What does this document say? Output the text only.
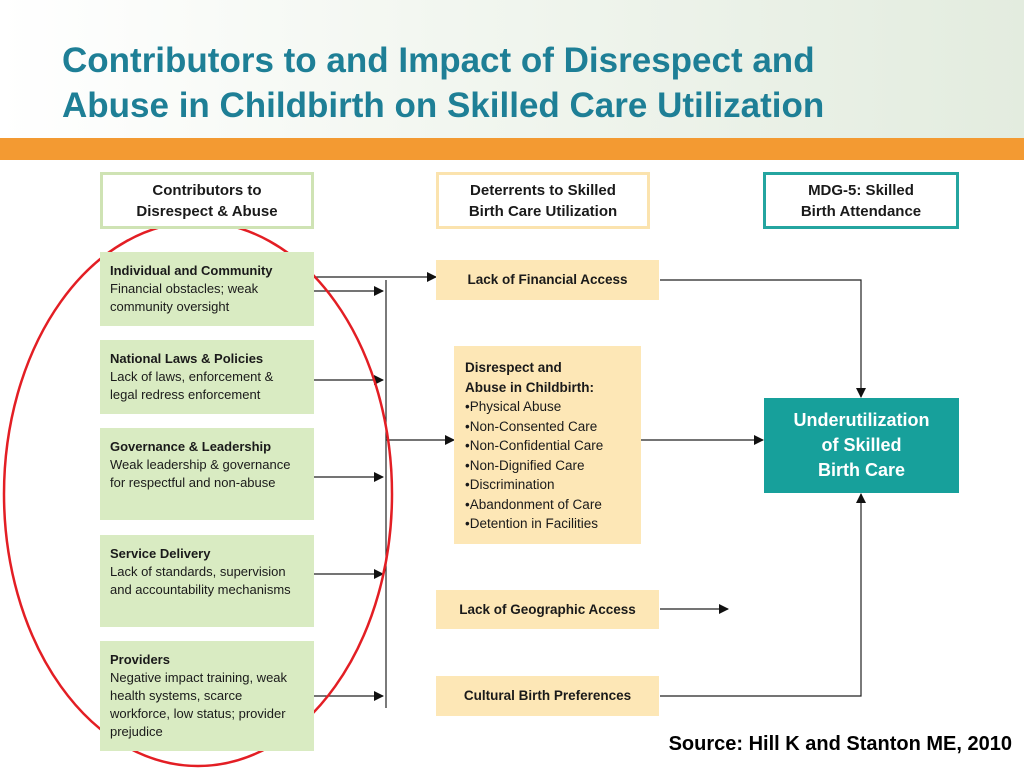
Contributors to and Impact of Disrespect and
Abuse in Childbirth on Skilled Care Utilization
Contributors to
Disrespect & Abuse
Deterrents to Skilled
Birth Care Utilization
MDG-5: Skilled
Birth Attendance
Individual and Community
Financial obstacles; weak community oversight
National Laws & Policies
Lack of laws, enforcement & legal redress enforcement
Governance & Leadership
Weak leadership & governance for respectful and non-abuse
Service Delivery
Lack of standards, supervision and accountability mechanisms
Providers
Negative impact training, weak health systems, scarce workforce, low status; provider prejudice
Lack of Financial Access
Disrespect and
Abuse in Childbirth:
• Physical Abuse
• Non-Consented Care
• Non-Confidential Care
• Non-Dignified Care
• Discrimination
• Abandonment of Care
• Detention in Facilities
Lack of Geographic Access
Cultural Birth Preferences
Underutilization
of Skilled
Birth Care

Source: Hill K and Stanton ME, 2010
